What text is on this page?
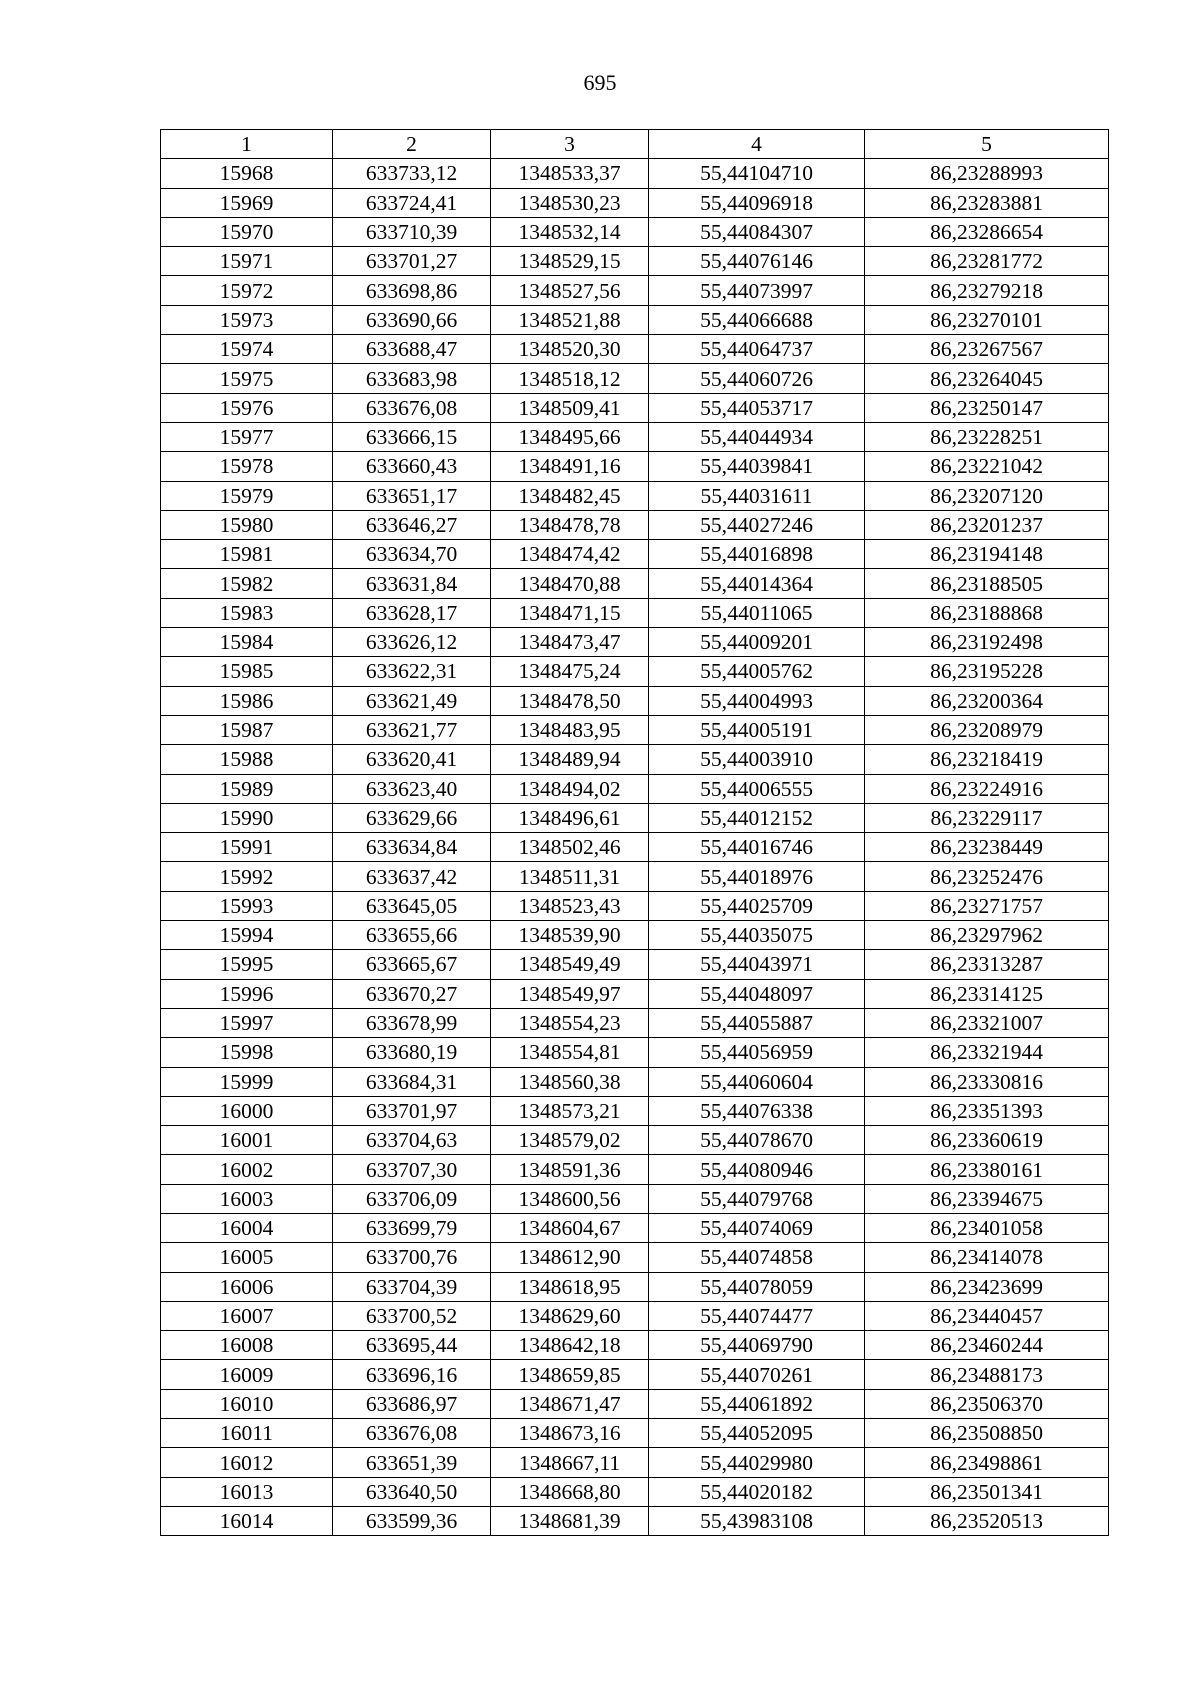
695
1	2	3	4	5
15968	633733,12	1348533,37	55,44104710	86,23288993
15969	633724,41	1348530,23	55,44096918	86,23283881
15970	633710,39	1348532,14	55,44084307	86,23286654
15971	633701,27	1348529,15	55,44076146	86,23281772
15972	633698,86	1348527,56	55,44073997	86,23279218
15973	633690,66	1348521,88	55,44066688	86,23270101
15974	633688,47	1348520,30	55,44064737	86,23267567
15975	633683,98	1348518,12	55,44060726	86,23264045
15976	633676,08	1348509,41	55,44053717	86,23250147
15977	633666,15	1348495,66	55,44044934	86,23228251
15978	633660,43	1348491,16	55,44039841	86,23221042
15979	633651,17	1348482,45	55,44031611	86,23207120
15980	633646,27	1348478,78	55,44027246	86,23201237
15981	633634,70	1348474,42	55,44016898	86,23194148
15982	633631,84	1348470,88	55,44014364	86,23188505
15983	633628,17	1348471,15	55,44011065	86,23188868
15984	633626,12	1348473,47	55,44009201	86,23192498
15985	633622,31	1348475,24	55,44005762	86,23195228
15986	633621,49	1348478,50	55,44004993	86,23200364
15987	633621,77	1348483,95	55,44005191	86,23208979
15988	633620,41	1348489,94	55,44003910	86,23218419
15989	633623,40	1348494,02	55,44006555	86,23224916
15990	633629,66	1348496,61	55,44012152	86,23229117
15991	633634,84	1348502,46	55,44016746	86,23238449
15992	633637,42	1348511,31	55,44018976	86,23252476
15993	633645,05	1348523,43	55,44025709	86,23271757
15994	633655,66	1348539,90	55,44035075	86,23297962
15995	633665,67	1348549,49	55,44043971	86,23313287
15996	633670,27	1348549,97	55,44048097	86,23314125
15997	633678,99	1348554,23	55,44055887	86,23321007
15998	633680,19	1348554,81	55,44056959	86,23321944
15999	633684,31	1348560,38	55,44060604	86,23330816
16000	633701,97	1348573,21	55,44076338	86,23351393
16001	633704,63	1348579,02	55,44078670	86,23360619
16002	633707,30	1348591,36	55,44080946	86,23380161
16003	633706,09	1348600,56	55,44079768	86,23394675
16004	633699,79	1348604,67	55,44074069	86,23401058
16005	633700,76	1348612,90	55,44074858	86,23414078
16006	633704,39	1348618,95	55,44078059	86,23423699
16007	633700,52	1348629,60	55,44074477	86,23440457
16008	633695,44	1348642,18	55,44069790	86,23460244
16009	633696,16	1348659,85	55,44070261	86,23488173
16010	633686,97	1348671,47	55,44061892	86,23506370
16011	633676,08	1348673,16	55,44052095	86,23508850
16012	633651,39	1348667,11	55,44029980	86,23498861
16013	633640,50	1348668,80	55,44020182	86,23501341
16014	633599,36	1348681,39	55,43983108	86,23520513
